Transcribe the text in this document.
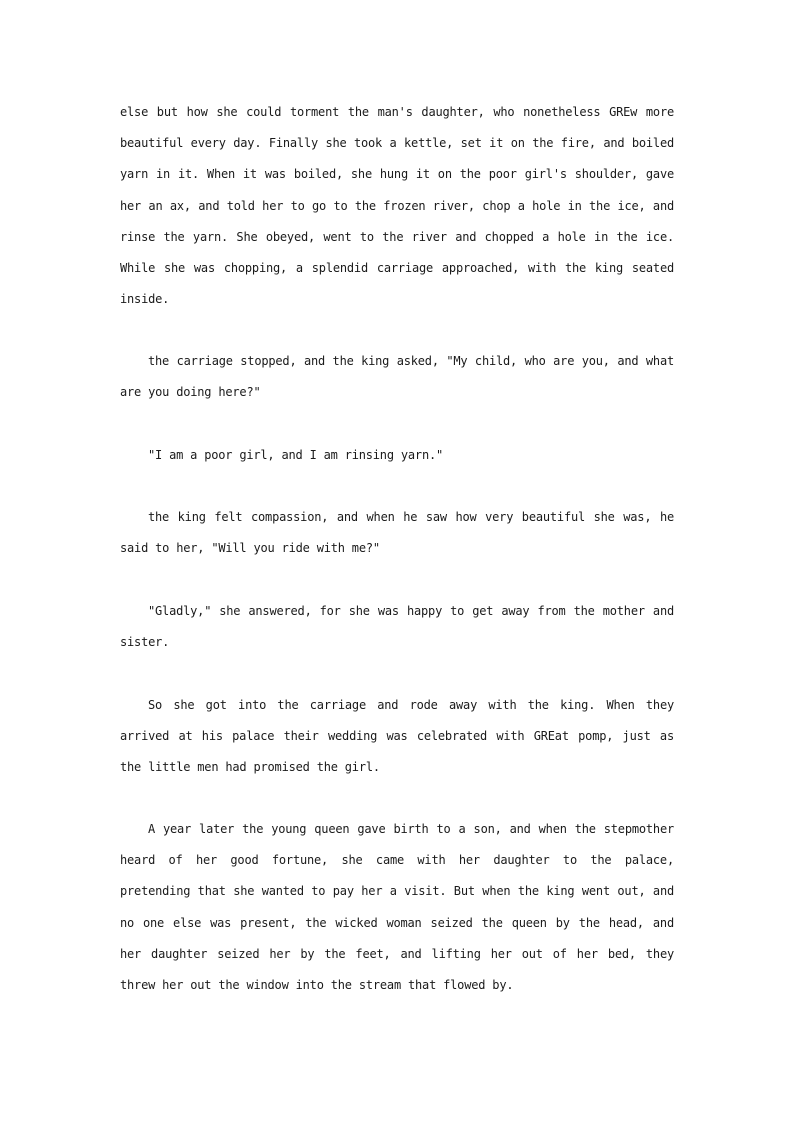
else but how she could torment the man's daughter, who nonetheless GREw more beautiful every day. Finally she took a kettle, set it on the fire, and boiled yarn in it. When it was boiled, she hung it on the poor girl's shoulder, gave her an ax, and told her to go to the frozen river, chop a hole in the ice, and rinse the yarn. She obeyed, went to the river and chopped a hole in the ice. While she was chopping, a splendid carriage approached, with the king seated inside.

the carriage stopped, and the king asked, "My child, who are you, and what are you doing here?"

"I am a poor girl, and I am rinsing yarn."

the king felt compassion, and when he saw how very beautiful she was, he said to her, "Will you ride with me?"

"Gladly," she answered, for she was happy to get away from the mother and sister.

So she got into the carriage and rode away with the king. When they arrived at his palace their wedding was celebrated with GREat pomp, just as the little men had promised the girl.

A year later the young queen gave birth to a son, and when the stepmother heard of her good fortune, she came with her daughter to the palace, pretending that she wanted to pay her a visit. But when the king went out, and no one else was present, the wicked woman seized the queen by the head, and her daughter seized her by the feet, and lifting her out of her bed, they threw her out the window into the stream that flowed by.
